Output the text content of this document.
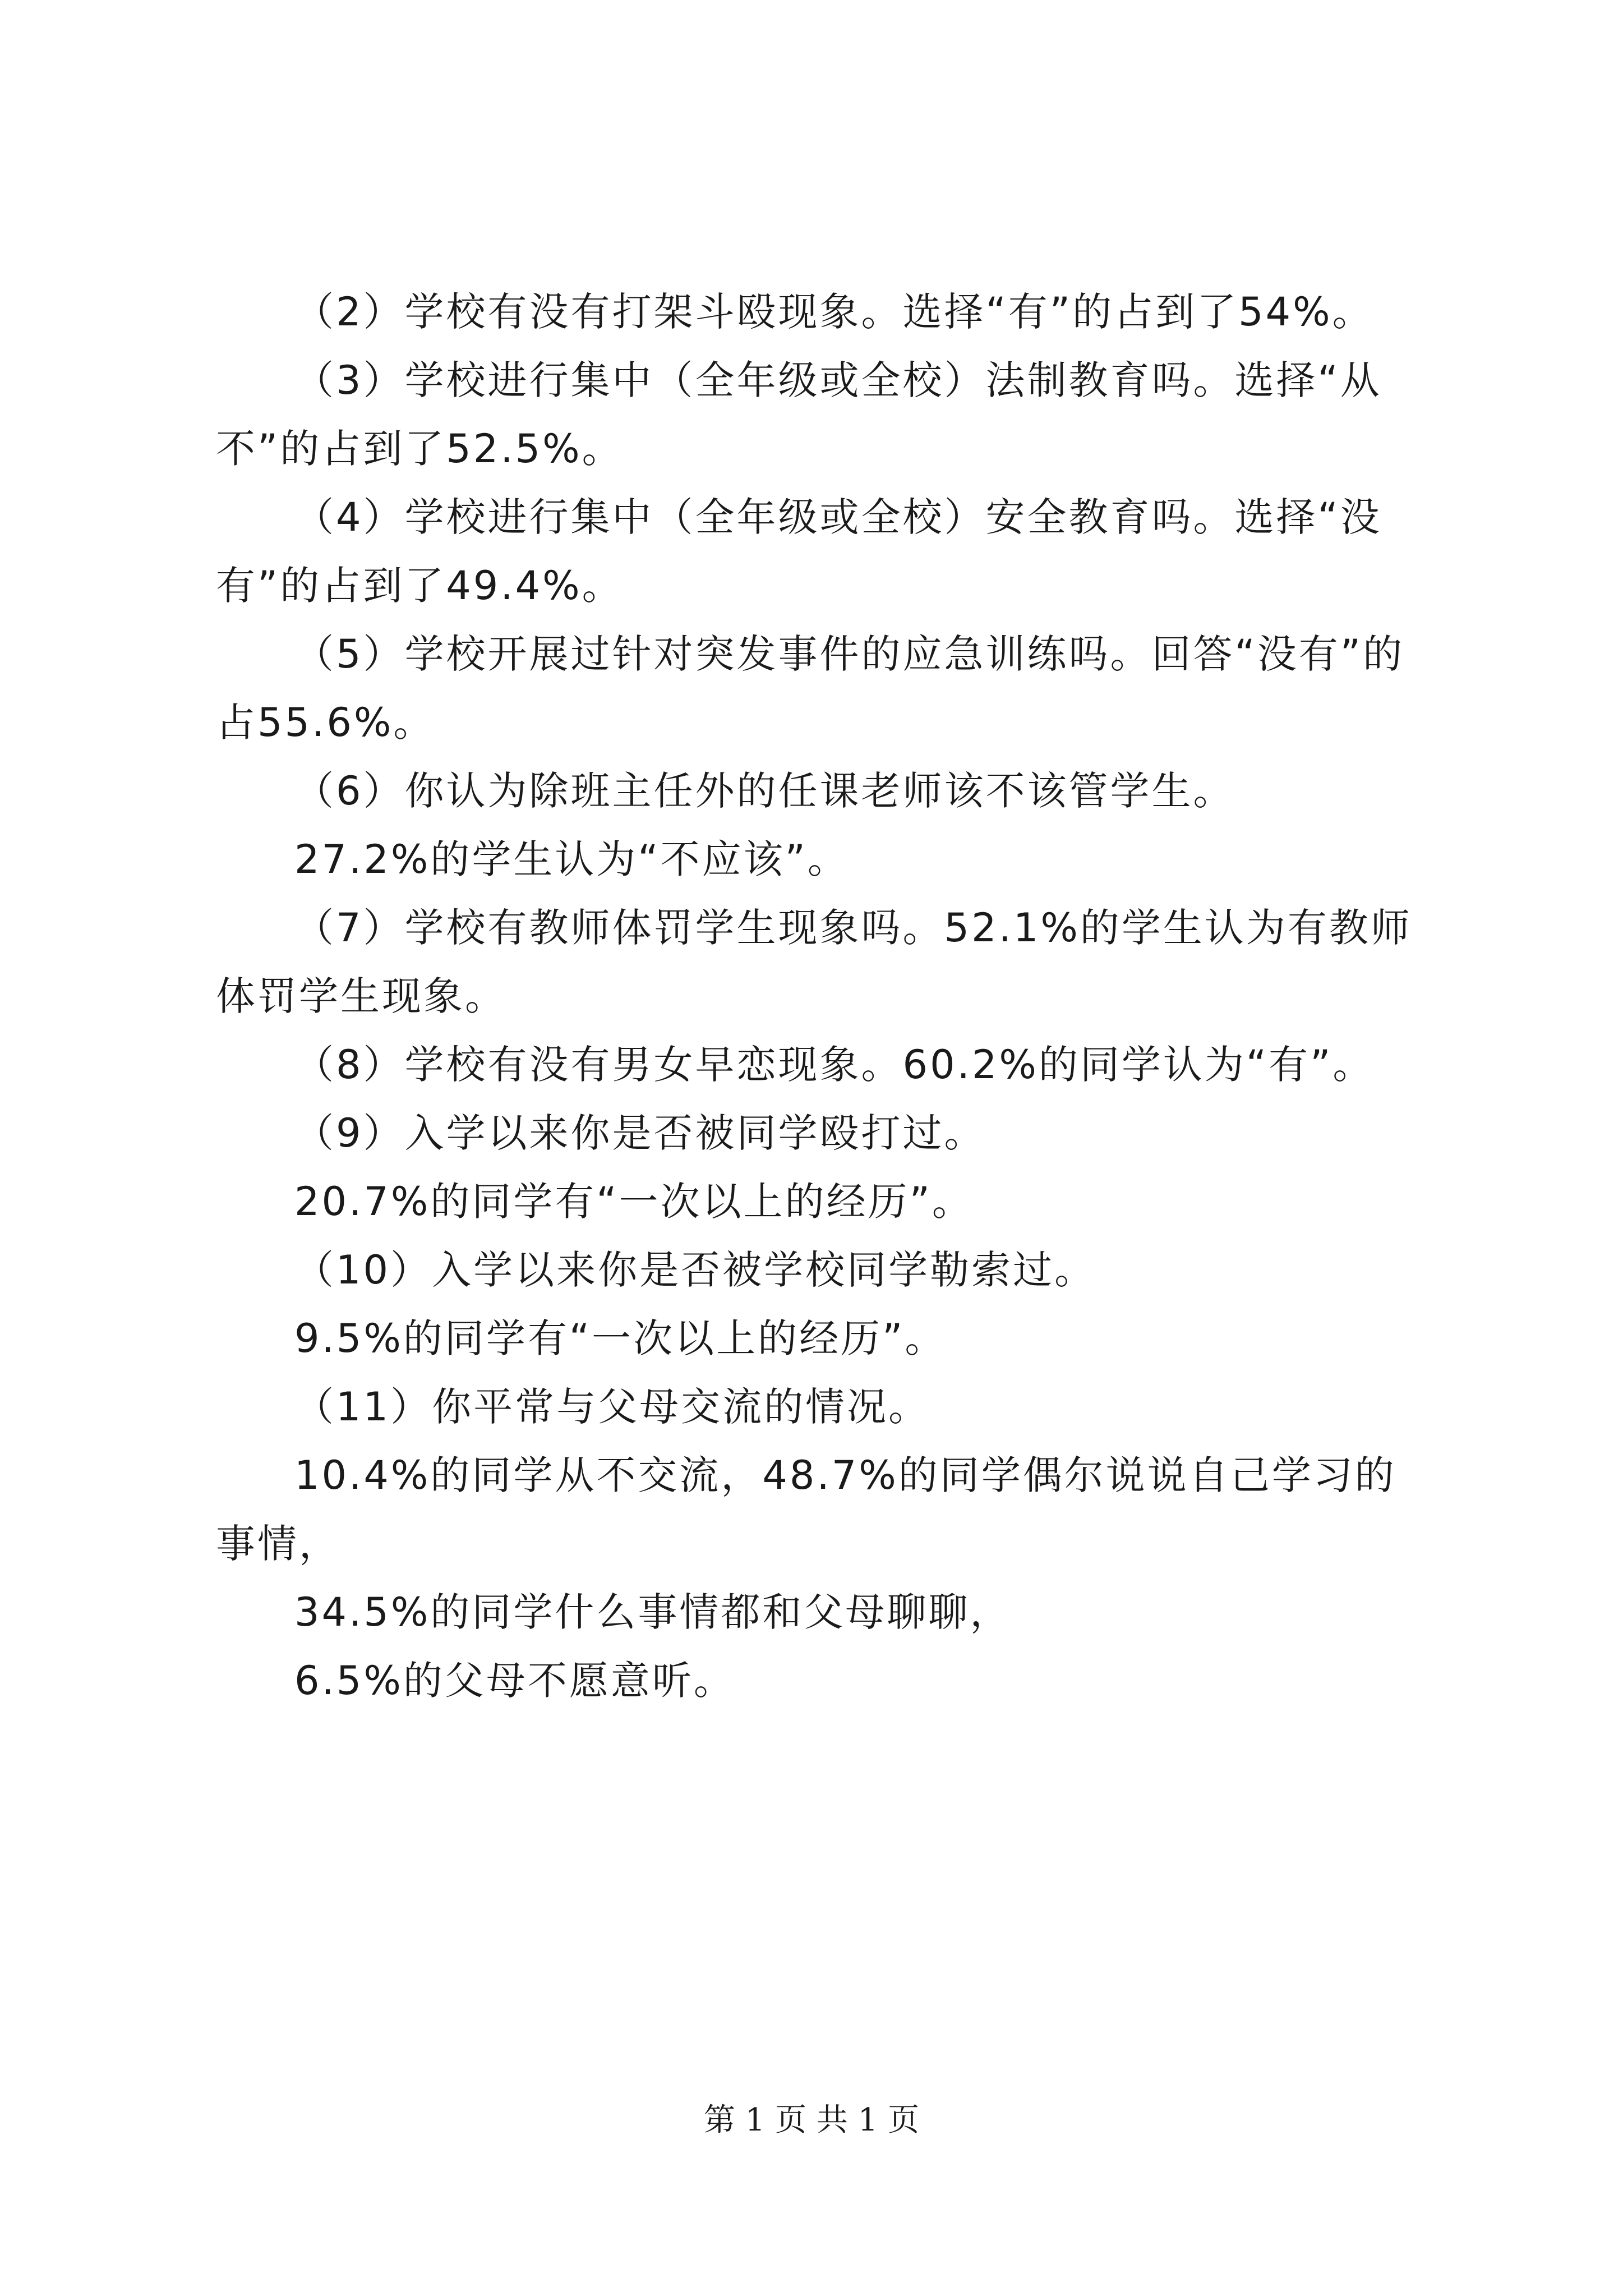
（2）学校有没有打架斗殴现象。选择“有”的占到了54%。

（3）学校进行集中（全年级或全校）法制教育吗。选择“从不”的占到了52.5%。

（4）学校进行集中（全年级或全校）安全教育吗。选择“没有”的占到了49.4%。

（5）学校开展过针对突发事件的应急训练吗。回答“没有”的占55.6%。

（6）你认为除班主任外的任课老师该不该管学生。

27.2%的学生认为“不应该”。

（7）学校有教师体罚学生现象吗。52.1%的学生认为有教师体罚学生现象。

（8）学校有没有男女早恋现象。60.2%的同学认为“有”。

（9）入学以来你是否被同学殴打过。

20.7%的同学有“一次以上的经历”。

（10）入学以来你是否被学校同学勒索过。

9.5%的同学有“一次以上的经历”。

（11）你平常与父母交流的情况。

10.4%的同学从不交流，48.7%的同学偶尔说说自己学习的事情，

34.5%的同学什么事情都和父母聊聊，

6.5%的父母不愿意听。

第 1 页 共 1 页
